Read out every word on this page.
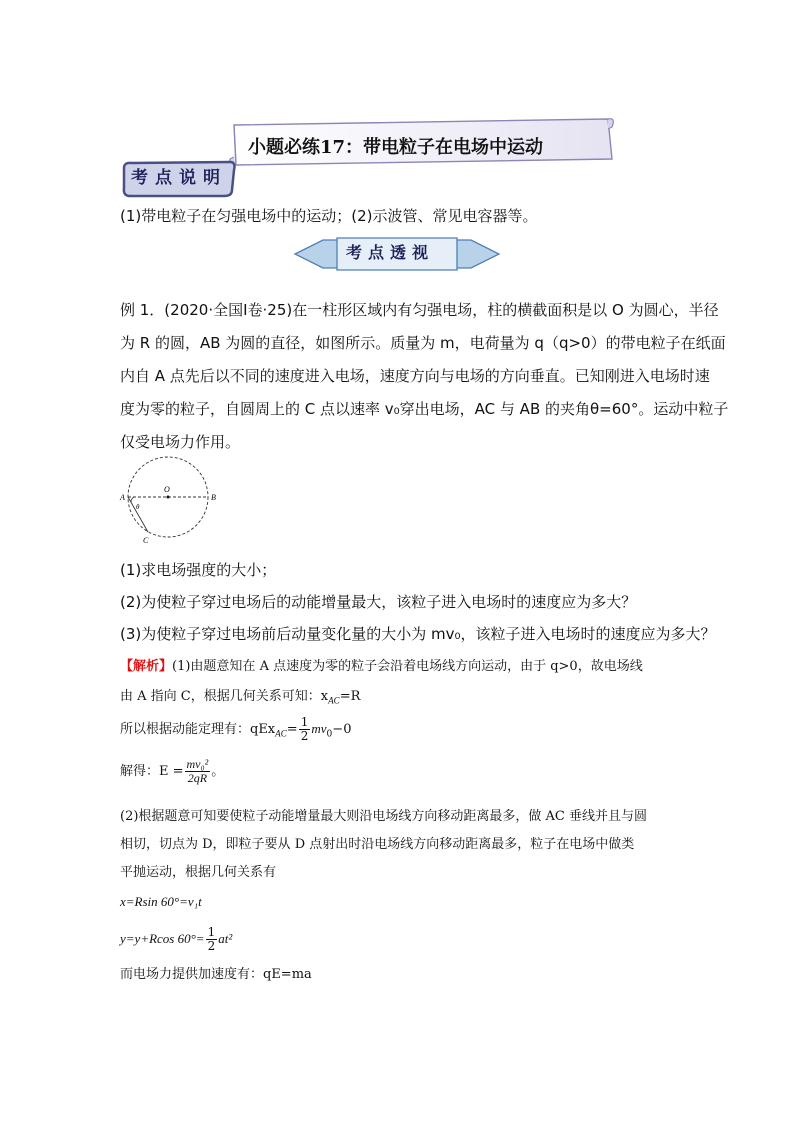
小题必练17：带电粒子在电场中运动
考点说明
(1)带电粒子在匀强电场中的运动；(2)示波管、常见电容器等。
考点透视
例 1．(2020·全国Ⅰ卷·25)在一柱形区域内有匀强电场，柱的横截面积是以 O 为圆心，半径
为 R 的圆，AB 为圆的直径，如图所示。质量为 m，电荷量为 q（q>0）的带电粒子在纸面
内自 A 点先后以不同的速度进入电场，速度方向与电场的方向垂直。已知刚进入电场时速
度为零的粒子，自圆周上的 C 点以速率 v₀穿出电场，AC 与 AB 的夹角θ=60°。运动中粒子
仅受电场力作用。
A	B
O
C
θ
(1)求电场强度的大小；
(2)为使粒子穿过电场后的动能增量最大，该粒子进入电场时的速度应为多大？
(3)为使粒子穿过电场前后动量变化量的大小为 mv₀，该粒子进入电场时的速度应为多大？
【解析】(1)由题意知在 A 点速度为零的粒子会沿着电场线方向运动，由于 q>0，故电场线
由 A 指向 C，根据几何关系可知：$x_{AC}=R$
所以根据动能定理有：$qEx_{AC}= \frac{1}{2} mv_0-0$
解得：$E = \frac{\text{mv₀²}}{2qR}$ 。
(2)根据题意可知要使粒子动能增量最大则沿电场线方向移动距离最多，做 AC 垂线并且与圆
相切，切点为 D，即粒子要从 D 点射出时沿电场线方向移动距离最多，粒子在电场中做类
平抛运动，根据几何关系有
x=Rsin 60°=v₁t
y=y+Rcos $60^\circ= \frac{1}{2} at^2$
而电场力提供加速度有：qE=ma
